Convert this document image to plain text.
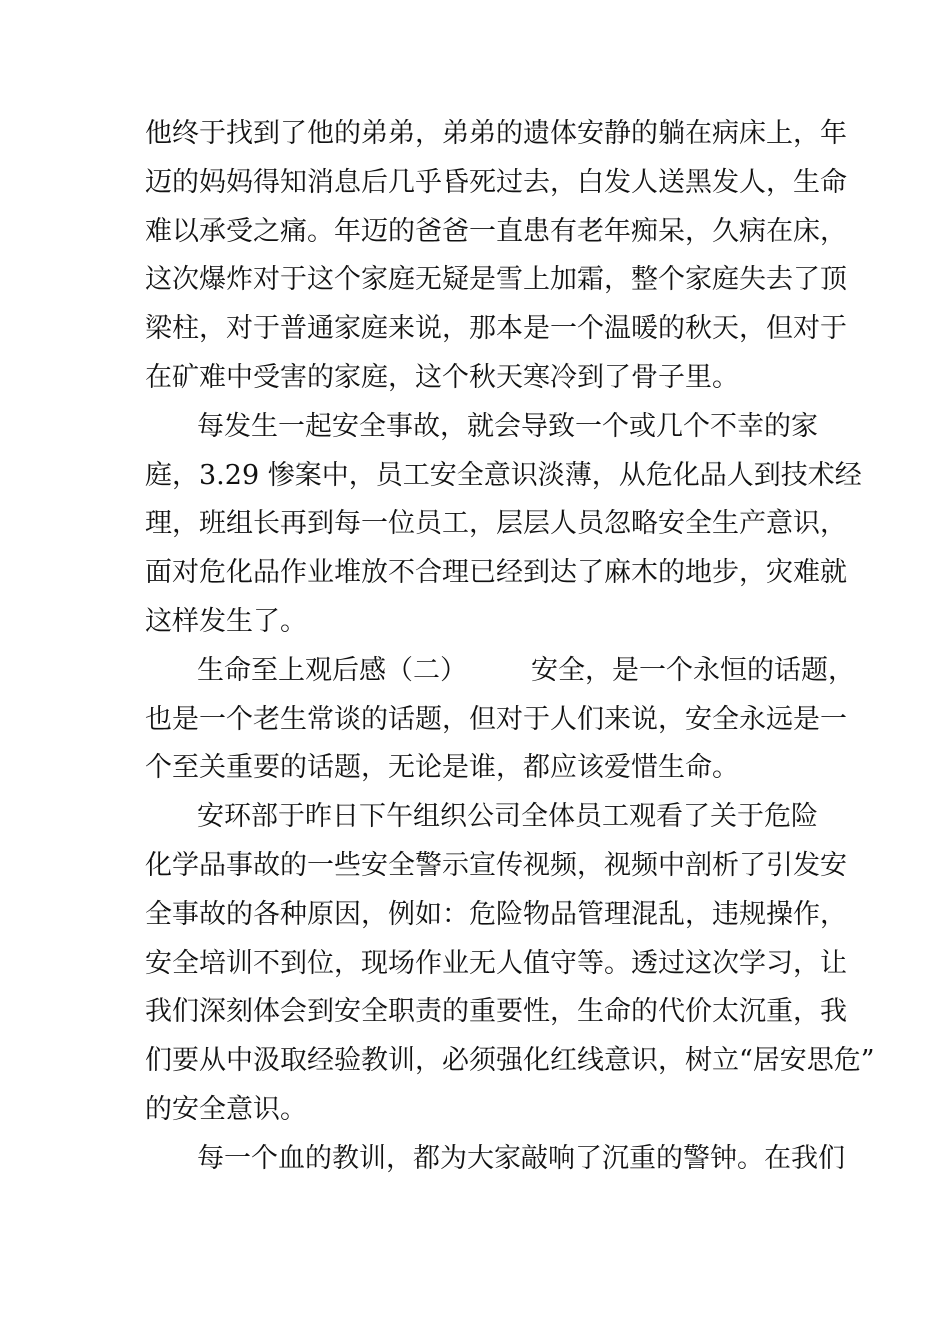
他终于找到了他的弟弟，弟弟的遗体安静的躺在病床上，年
迈的妈妈得知消息后几乎昏死过去，白发人送黑发人，生命
难以承受之痛。年迈的爸爸一直患有老年痴呆，久病在床，
这次爆炸对于这个家庭无疑是雪上加霜，整个家庭失去了顶
梁柱，对于普通家庭来说，那本是一个温暖的秋天，但对于
在矿难中受害的家庭，这个秋天寒冷到了骨子里。
每发生一起安全事故，就会导致一个或几个不幸的家
庭，3.29 惨案中，员工安全意识淡薄，从危化品人到技术经
理，班组长再到每一位员工，层层人员忽略安全生产意识，
面对危化品作业堆放不合理已经到达了麻木的地步，灾难就
这样发生了。
生命至上观后感（二） 安全，是一个永恒的话题，
也是一个老生常谈的话题，但对于人们来说，安全永远是一
个至关重要的话题，无论是谁，都应该爱惜生命。
安环部于昨日下午组织公司全体员工观看了关于危险
化学品事故的一些安全警示宣传视频，视频中剖析了引发安
全事故的各种原因，例如：危险物品管理混乱，违规操作，
安全培训不到位，现场作业无人值守等。透过这次学习，让
我们深刻体会到安全职责的重要性，生命的代价太沉重，我
们要从中汲取经验教训，必须强化红线意识，树立“居安思危”
的安全意识。
每一个血的教训，都为大家敲响了沉重的警钟。在我们
